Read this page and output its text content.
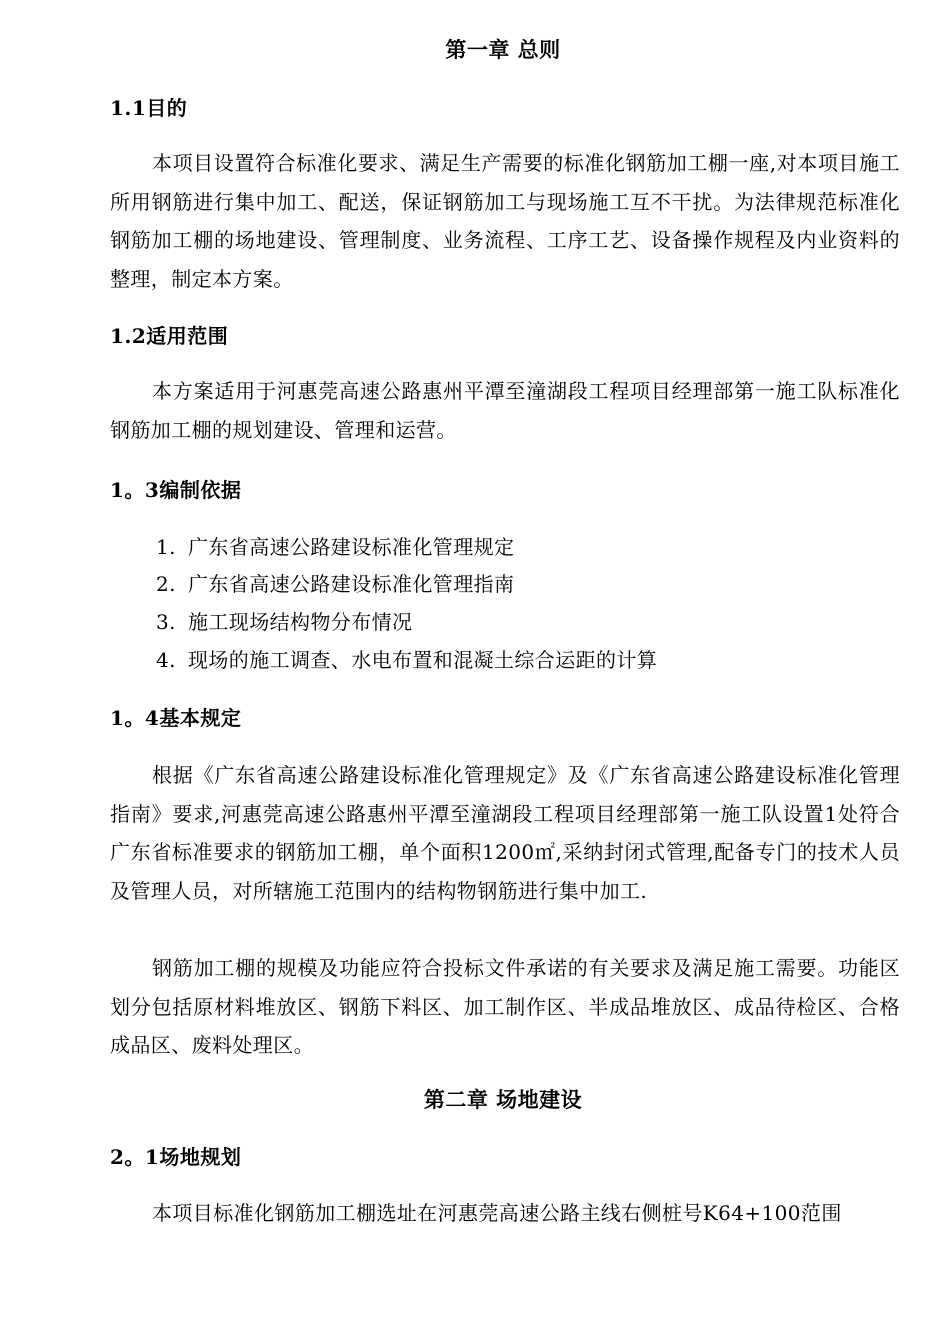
第一章 总则
1.1目的

本项目设置符合标准化要求、满足生产需要的标准化钢筋加工棚一座,对本项目施工所用钢筋进行集中加工、配送，保证钢筋加工与现场施工互不干扰。为法律规范标准化钢筋加工棚的场地建设、管理制度、业务流程、工序工艺、设备操作规程及内业资料的整理，制定本方案。

1.2适用范围

本方案适用于河惠莞高速公路惠州平潭至潼湖段工程项目经理部第一施工队标准化钢筋加工棚的规划建设、管理和运营。

1。3编制依据
1. 广东省高速公路建设标准化管理规定
2. 广东省高速公路建设标准化管理指南
3. 施工现场结构物分布情况
4. 现场的施工调查、水电布置和混凝土综合运距的计算
1。4基本规定

根据《广东省高速公路建设标准化管理规定》及《广东省高速公路建设标准化管理指南》要求,河惠莞高速公路惠州平潭至潼湖段工程项目经理部第一施工队设置1处符合广东省标准要求的钢筋加工棚，单个面积1200㎡,采纳封闭式管理,配备专门的技术人员及管理人员，对所辖施工范围内的结构物钢筋进行集中加工.

钢筋加工棚的规模及功能应符合投标文件承诺的有关要求及满足施工需要。功能区划分包括原材料堆放区、钢筋下料区、加工制作区、半成品堆放区、成品待检区、合格成品区、废料处理区。

第二章 场地建设
2。1场地规划

本项目标准化钢筋加工棚选址在河惠莞高速公路主线右侧桩号K64+100范围
